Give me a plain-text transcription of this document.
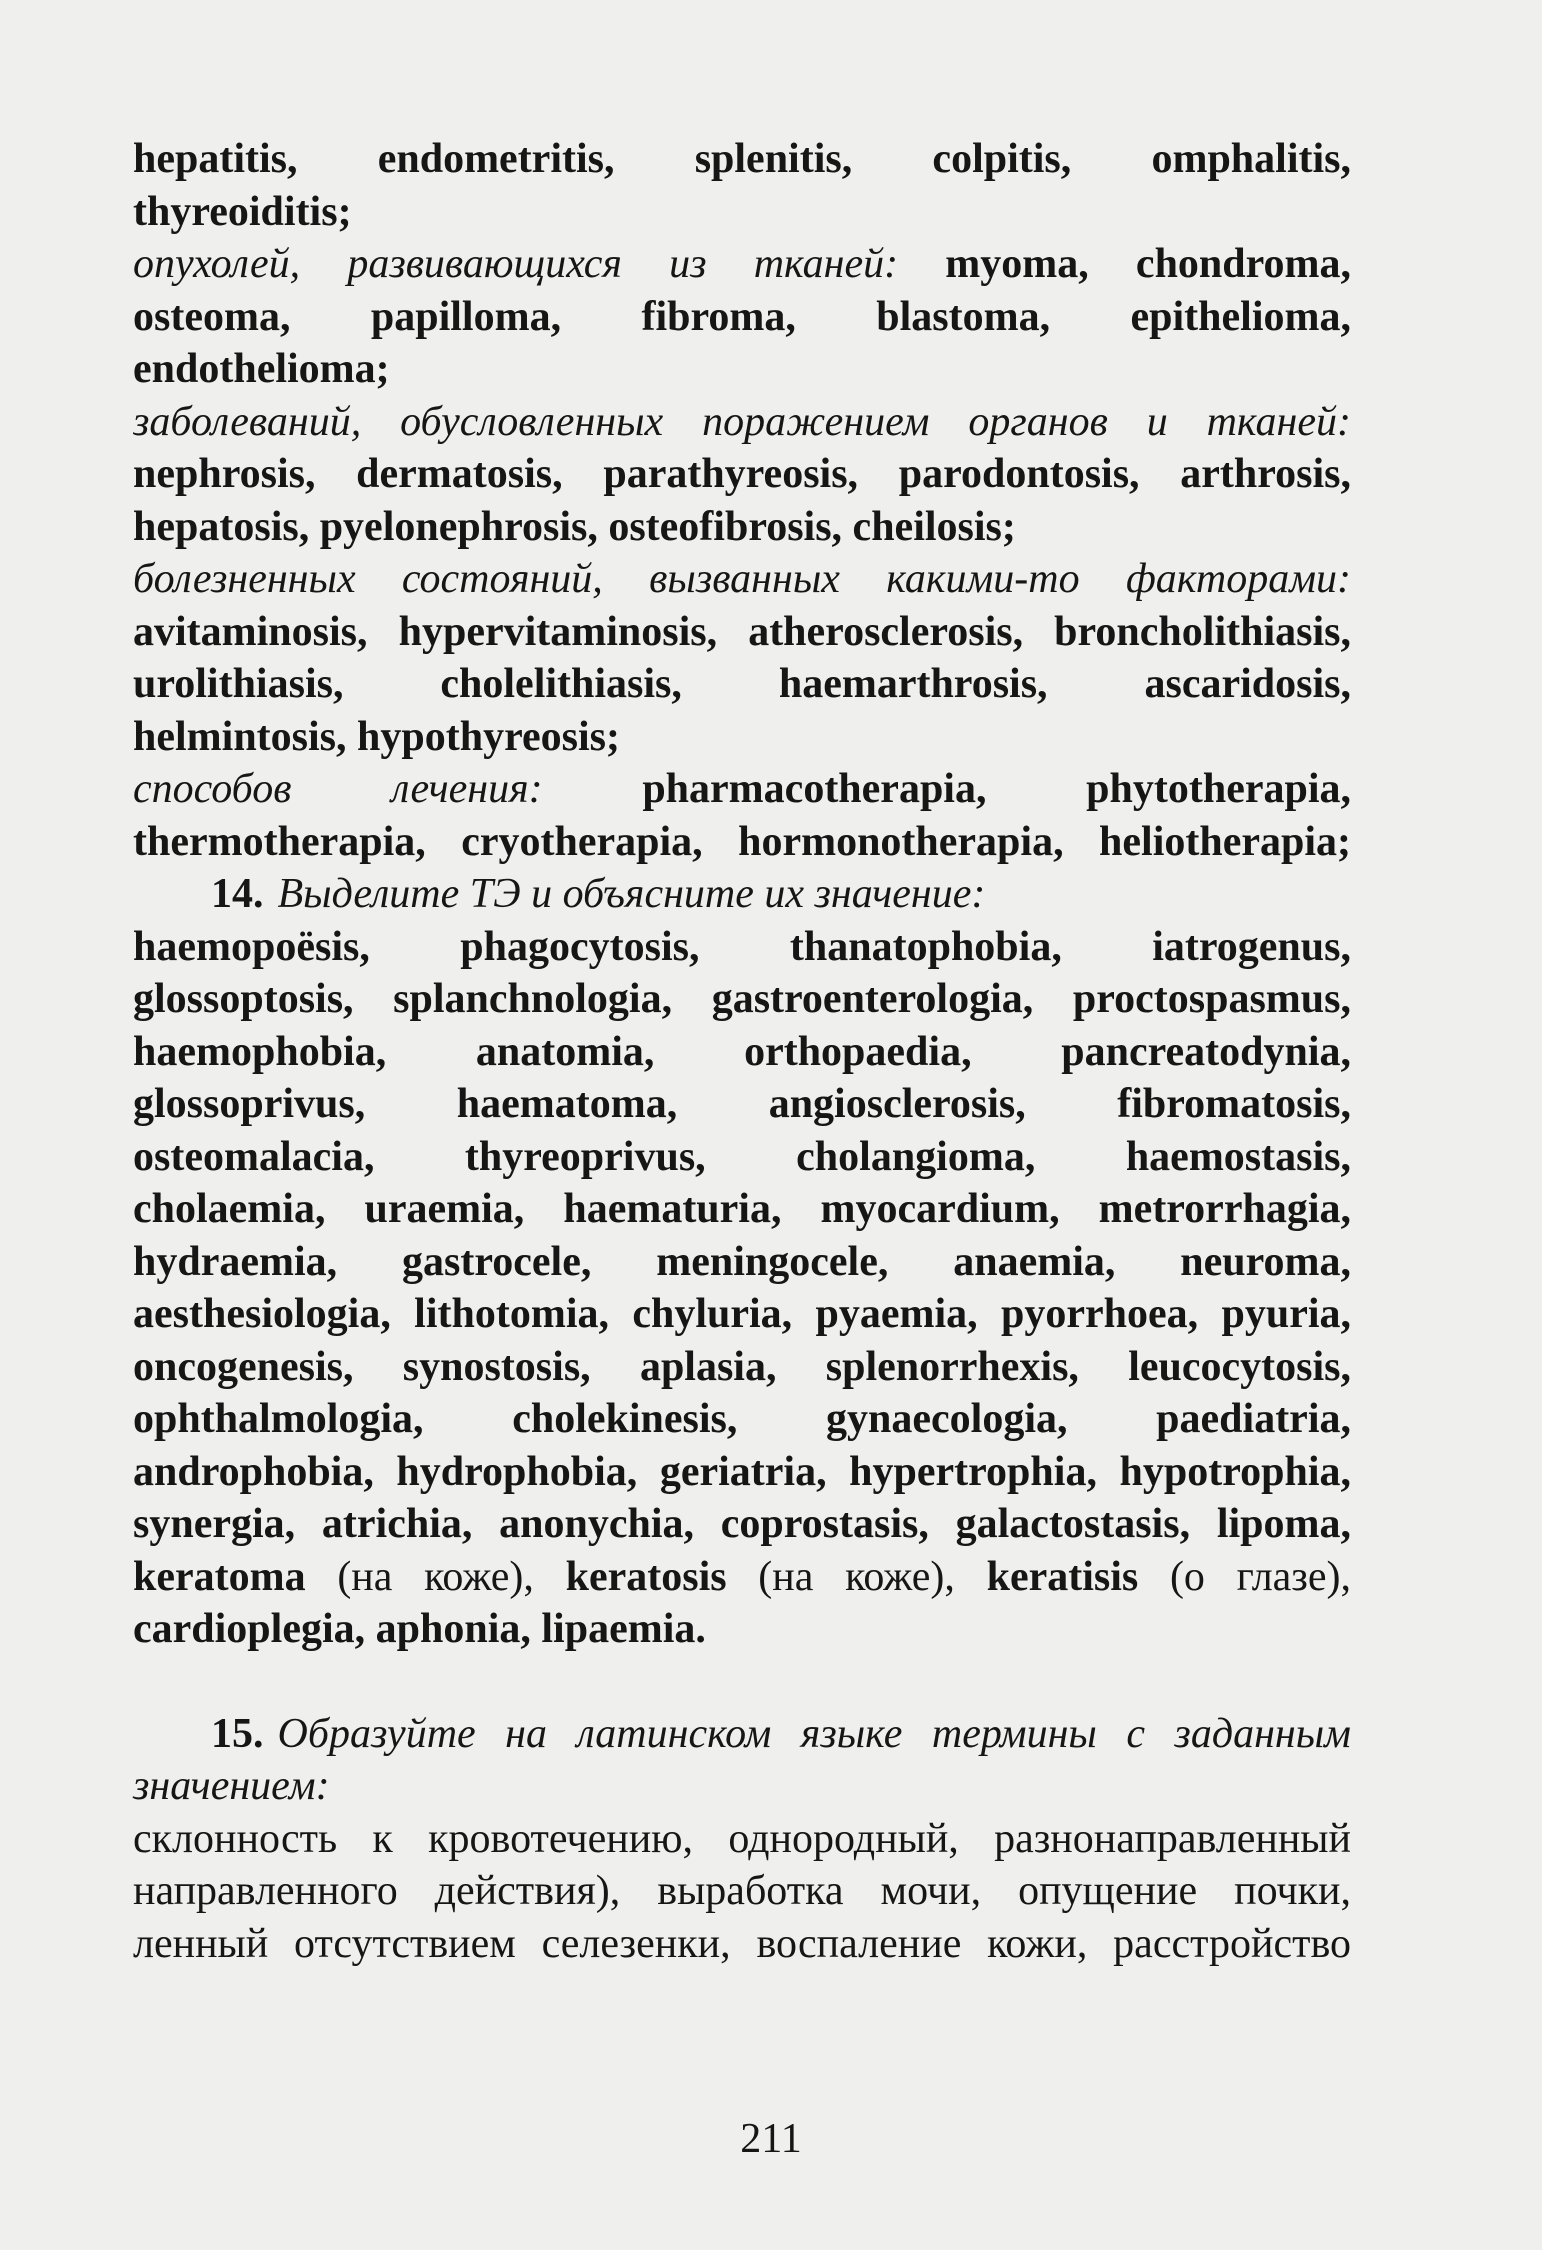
hepatitis, endometritis, splenitis, colpitis, omphalitis,
thyreoiditis;
опухолей, развивающихся из тканей: myoma, chondroma,
osteoma, papilloma, fibroma, blastoma, epithelioma,
endothelioma;
заболеваний, обусловленных поражением органов и тканей:
nephrosis, dermatosis, parathyreosis, parodontosis, arthrosis,
hepatosis, pyelonephrosis, osteofibrosis, cheilosis;
болезненных состояний, вызванных какими-то факторами:
avitaminosis, hypervitaminosis, atherosclerosis, broncholithiasis,
urolithiasis, cholelithiasis, haemarthrosis, ascaridosis,
helmintosis, hypothyreosis;
способов лечения: pharmacotherapia, phytotherapia,
thermotherapia, cryotherapia, hormonotherapia, heliotherapia;
14. Выделите ТЭ и объясните их значение:
haemopoësis, phagocytosis, thanatophobia, iatrogenus,
glossoptosis, splanchnologia, gastroenterologia, proctospasmus,
haemophobia, anatomia, orthopaedia, pancreatodynia,
glossoprivus, haematoma, angiosclerosis, fibromatosis,
osteomalacia, thyreoprivus, cholangioma, haemostasis,
cholaemia, uraemia, haematuria, myocardium, metrorrhagia,
hydraemia, gastrocele, meningocele, anaemia, neuroma,
aesthesiologia, lithotomia, chyluria, pyaemia, pyorrhoea, pyuria,
oncogenesis, synostosis, aplasia, splenorrhexis, leucocytosis,
ophthalmologia, cholekinesis, gynaecologia, paediatria,
androphobia, hydrophobia, geriatria, hypertrophia, hypotrophia,
synergia, atrichia, anonychia, coprostasis, galactostasis, lipoma,
keratoma (на коже), keratosis (на коже), keratisis (о глазе),
cardioplegia, aphonia, lipaemia.
15. Образуйте на латинском языке термины с заданным
значением:
склонность к кровотечению, однородный, разнонаправленный
направленного действия), выработка мочи, опущение почки,
ленный отсутствием селезенки, воспаление кожи, расстройство
211
